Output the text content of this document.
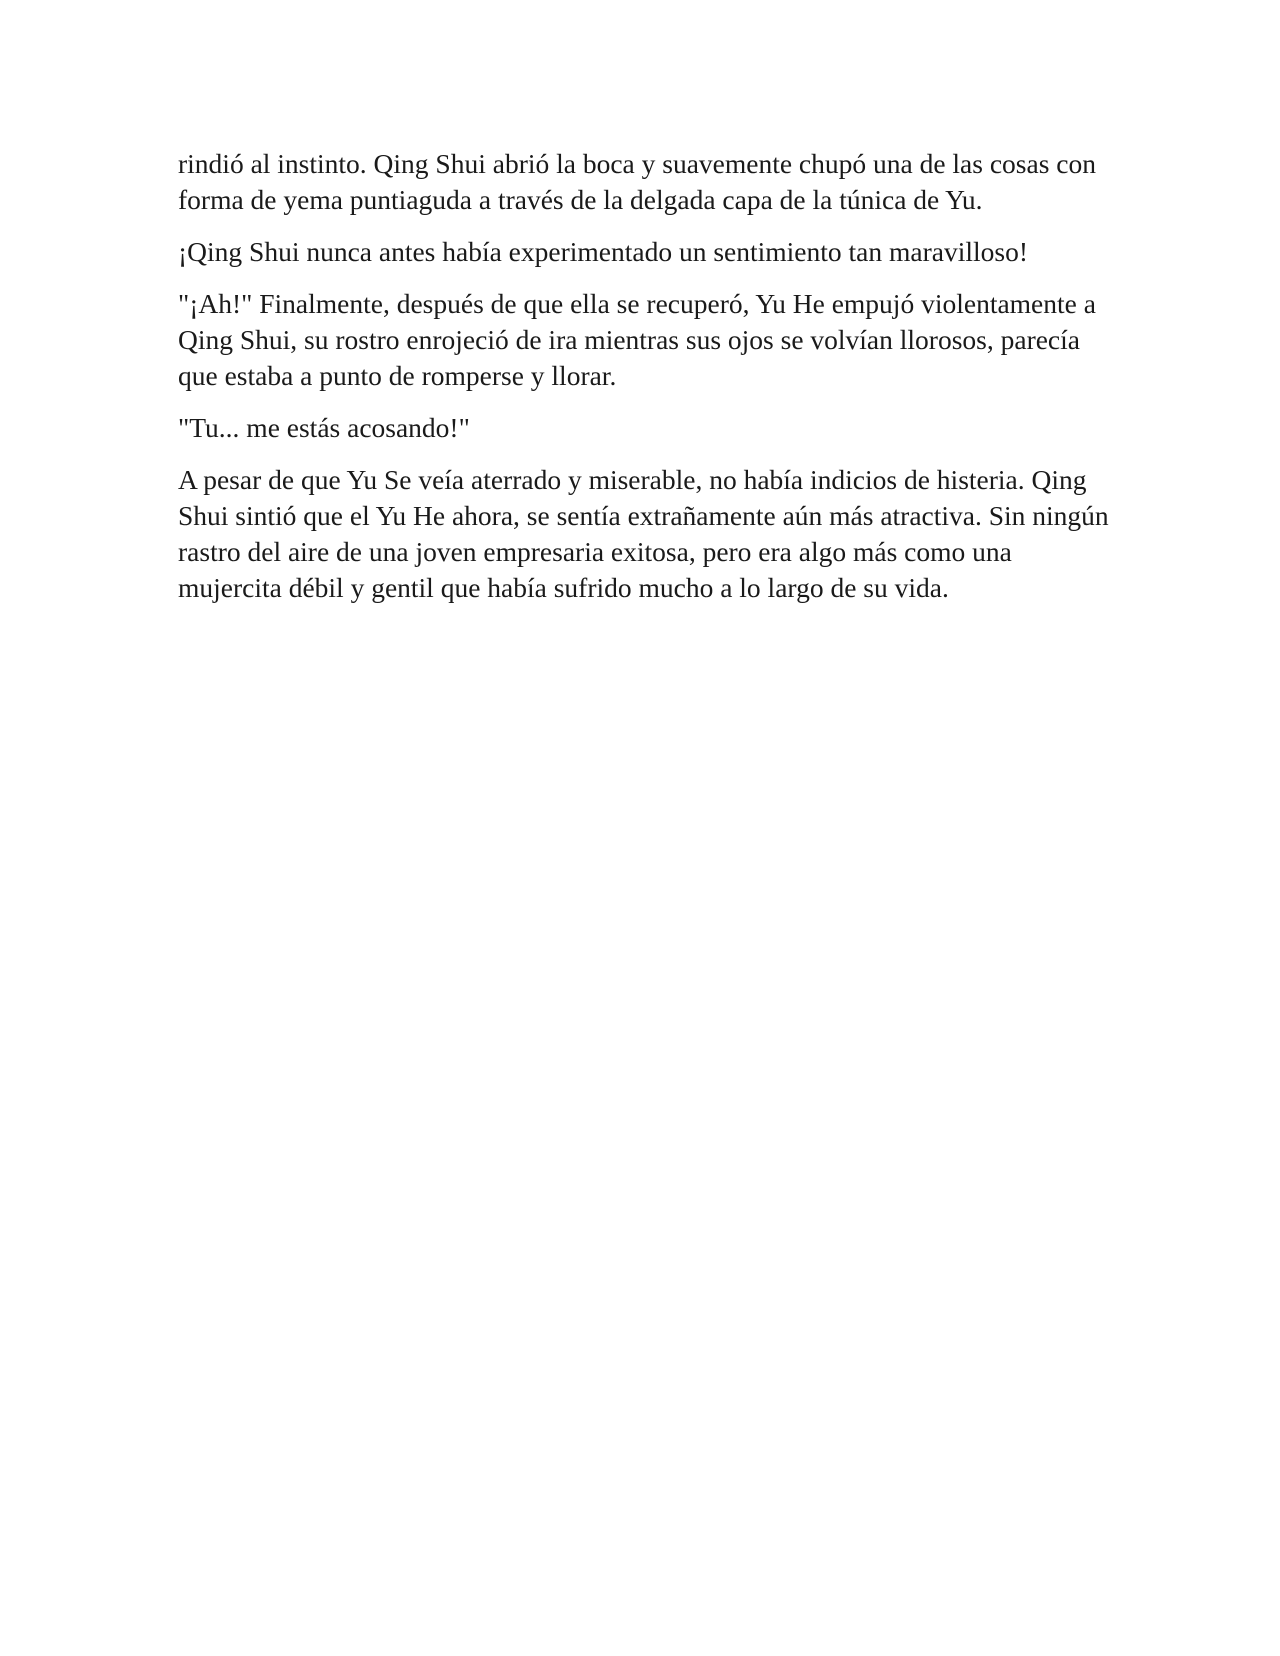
rindió al instinto. Qing Shui abrió la boca y suavemente chupó una de las cosas con forma de yema puntiaguda a través de la delgada capa de la túnica de Yu.

¡Qing Shui nunca antes había experimentado un sentimiento tan maravilloso!

"¡Ah!" Finalmente, después de que ella se recuperó, Yu He empujó violentamente a Qing Shui, su rostro enrojeció de ira mientras sus ojos se volvían llorosos, parecía que estaba a punto de romperse y llorar.

"Tu... me estás acosando!"

A pesar de que Yu Se veía aterrado y miserable, no había indicios de histeria. Qing Shui sintió que el Yu He ahora, se sentía extrañamente aún más atractiva. Sin ningún rastro del aire de una joven empresaria exitosa, pero era algo más como una mujercita débil y gentil que había sufrido mucho a lo largo de su vida.
